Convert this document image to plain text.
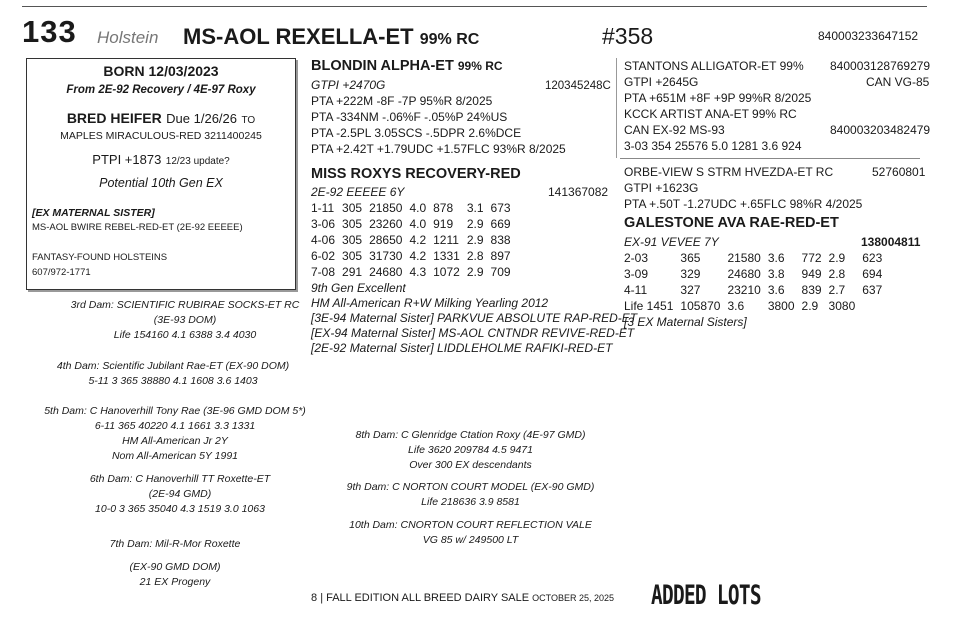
133 Holstein MS-AOL REXELLA-ET 99% RC	#358	840003233647152
BORN 12/03/2023
From 2E-92 Recovery / 4E-97 Roxy
BRED HEIFER Due 1/26/26 TO
MAPLES MIRACULOUS-RED 3211400245
PTPI +1873 12/23 update?
Potential 10th Gen EX
[EX MATERNAL SISTER]
MS-AOL BWIRE REBEL-RED-ET (2E-92 EEEEE)
FANTASY-FOUND HOLSTEINS
607/972-1771
BLONDIN ALPHA-ET 99% RC
GTPI +2470G	120345248C
PTA +222M -8F -7P 95%R 8/2025
PTA -334NM -.06%F -.05%P 24%US
PTA -2.5PL 3.05SCS -.5DPR 2.6%DCE
PTA +2.42T +1.79UDC +1.57FLC 93%R 8/2025
MISS ROXYS RECOVERY-RED
2E-92 EEEEE 6Y	141367082
1-11	305	21850	4.0	878	3.1	673
3-06	305	23260	4.0	919	2.9	669
4-06	305	28650	4.2	1211	2.9	838
6-02	305	31730	4.2	1331	2.8	897
7-08	291	24680	4.3	1072	2.9	709
9th Gen Excellent
HM All-American R+W Milking Yearling 2012
[3E-94 Maternal Sister] PARKVUE ABSOLUTE RAP-RED-ET
[EX-94 Maternal Sister] MS-AOL CNTNDR REVIVE-RED-ET
[2E-92 Maternal Sister] LIDDLEHOLME RAFIKI-RED-ET
STANTONS ALLIGATOR-ET 99% 840003128769279
GTPI +2645G	CAN VG-85
PTA +651M +8F +9P 99%R 8/2025
KCCK ARTIST ANA-ET 99% RC
CAN EX-92 MS-93	840003203482479
3-03 354 25576 5.0 1281 3.6 924
ORBE-VIEW S STRM HVEZDA-ET RC	52760801
GTPI +1623G
PTA +.50T -1.27UDC +.65FLC 98%R 4/2025
GALESTONE AVA RAE-RED-ET
EX-91 VEVEE 7Y	138004811
2-03	365	21580	3.6	772	2.9	623
3-09	329	24680	3.8	949	2.8	694
4-11	327	23210	3.6	839	2.7	637
Life 1451	105870	3.6	3800	2.9	3080	
[3 EX Maternal Sisters]
3rd Dam: SCIENTIFIC RUBIRAE SOCKS-ET RC
(3E-93 DOM)
Life 154160 4.1 6388 3.4 4030
4th Dam: Scientific Jubilant Rae-ET (EX-90 DOM)
5-11 3 365 38880 4.1 1608 3.6 1403
5th Dam: C Hanoverhill Tony Rae (3E-96 GMD DOM 5*)
6-11 365 40220 4.1 1661 3.3 1331
HM All-American Jr 2Y
Nom All-American 5Y 1991
6th Dam: C Hanoverhill TT Roxette-ET
(2E-94 GMD)
10-0 3 365 35040 4.3 1519 3.0 1063
7th Dam: Mil-R-Mor Roxette
(EX-90 GMD DOM)
21 EX Progeny
8th Dam: C Glenridge Ctation Roxy (4E-97 GMD)
Life 3620 209784 4.5 9471
Over 300 EX descendants
9th Dam: C NORTON COURT MODEL (EX-90 GMD)
Life 218636 3.9 8581
10th Dam: CNORTON COURT REFLECTION VALE
VG 85 w/ 249500 LT
8 | FALL EDITION ALL BREED DAIRY SALE OCTOBER 25, 2025 ADDED LOTS
